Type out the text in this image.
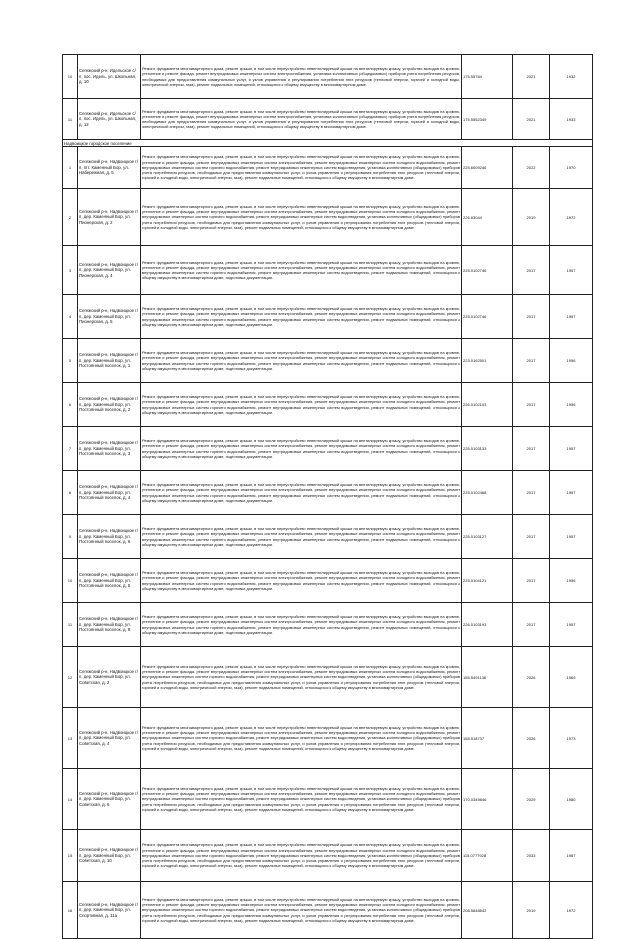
10	Сегежский р-н, Идельское с/п, пос. Идель, ул. Школьная, д. 10	Ремонт фундамента многоквартирного дома, ремонт крыши, в том числе переустройство невентилируемой крыши на вентилируемую крышу, устройство выходов на кровлю, утепление и ремонт фасада, ремонт внутридомовых инженерных систем электроснабжения, установка коллективных (общедомовых) приборов учета потребления ресурсов, необходимых для предоставления коммунальных услуг, и узлов управления и регулирования потребления этих ресурсов (тепловой энергии, горячей и холодной воды, электрической энергии, газа), ремонт подвальных помещений, относящихся к общему имуществу в многоквартирном доме.	175.55784	2021	1932
11	Сегежский р-н, Идельское с/п, пос. Идель, ул. Школьная, д. 12	Ремонт фундамента многоквартирного дома, ремонт крыши, в том числе переустройство невентилируемой крыши на вентилируемую крышу, устройство выходов на кровлю, утепление и ремонт фасада, ремонт внутридомовых инженерных систем электроснабжения, установка коллективных (общедомовых) приборов учета потребления ресурсов, необходимых для предоставления коммунальных услуг, и узлов управления и регулирования потребления этих ресурсов (тепловой энергии, горячей и холодной воды, электрической энергии, газа), ремонт подвальных помещений, относящихся к общему имуществу в многоквартирном доме.	175.5552349	2021	1933
Надвоицкое городское поселение					
1	Сегежский р-н, Надвоицкое г/п, пгт. Каменный Бор, ул. Набережная, д. 5	Ремонт фундамента многоквартирного дома, ремонт крыши, в том числе переустройство невентилируемой крыши на вентилируемую крышу, устройство выходов на кровлю, утепление и ремонт фасада, ремонт внутридомовых инженерных систем электроснабжения, ремонт внутридомовых инженерных систем холодного водоснабжения, ремонт внутридомовых инженерных систем горячего водоснабжения, ремонт внутридомовых инженерных систем водоотведения, установка коллективных (общедомовых) приборов учета потребления ресурсов, необходимых для предоставления коммунальных услуг, и узлов управления и регулирования потребления этих ресурсов (тепловой энергии, горячей и холодной воды, электрической энергии, газа), ремонт подвальных помещений, относящихся к общему имуществу в многоквартирном доме.	225.6009246	2022	1970
2	Сегежский р-н, Надвоицкое г/п, дер. Каменный Бор, ул. Пионерская, д. 2	Ремонт фундамента многоквартирного дома, ремонт крыши, в том числе переустройство невентилируемой крыши на вентилируемую крышу, устройство выходов на кровлю, утепление и ремонт фасада, ремонт внутридомовых инженерных систем электроснабжения, ремонт внутридомовых инженерных систем холодного водоснабжения, ремонт внутридомовых инженерных систем горячего водоснабжения, ремонт внутридомовых инженерных систем водоотведения, установка коллективных (общедомовых) приборов учета потребления ресурсов, необходимых для предоставления коммунальных услуг, и узлов управления и регулирования потребления этих ресурсов (тепловой энергии, горячей и холодной воды, электрической энергии, газа), ремонт подвальных помещений, относящихся к общему имуществу в многоквартирном доме.	226.63044	2019	1972
3	Сегежский р-н, Надвоицкое г/п, дер. Каменный Бор, ул. Пионерская, д. 4	Ремонт фундамента многоквартирного дома, ремонт крыши, в том числе переустройство невентилируемой крыши на вентилируемую крышу, устройство выходов на кровлю, утепление и ремонт фасада, ремонт внутридомовых инженерных систем электроснабжения, ремонт внутридомовых инженерных систем холодного водоснабжения, ремонт внутридомовых инженерных систем горячего водоснабжения, ремонт внутридомовых инженерных систем водоотведения, ремонт подвальных помещений, относящихся к общему имуществу в многоквартирном доме, подготовка документации.	225.0102746	2017	1957
4	Сегежский р-н, Надвоицкое г/п, дер. Каменный Бор, ул. Пионерская, д. 5	Ремонт фундамента многоквартирного дома, ремонт крыши, в том числе переустройство невентилируемой крыши на вентилируемую крышу, устройство выходов на кровлю, утепление и ремонт фасада, ремонт внутридомовых инженерных систем электроснабжения, ремонт внутридомовых инженерных систем холодного водоснабжения, ремонт внутридомовых инженерных систем горячего водоснабжения, ремонт внутридомовых инженерных систем водоотведения, ремонт подвальных помещений, относящихся к общему имуществу в многоквартирном доме, подготовка документации.	225.0102746	2017	1957
5	Сегежский р-н, Надвоицкое г/п, дер. Каменный Бор, ул. Постоянный поселок, д. 1	Ремонт фундамента многоквартирного дома, ремонт крыши, в том числе переустройство невентилируемой крыши на вентилируемую крышу, устройство выходов на кровлю, утепление и ремонт фасада, ремонт внутридомовых инженерных систем электроснабжения, ремонт внутридомовых инженерных систем холодного водоснабжения, ремонт внутридомовых инженерных систем горячего водоснабжения, ремонт внутридомовых инженерных систем водоотведения, ремонт подвальных помещений, относящихся к общему имуществу в многоквартирном доме, подготовка документации.	223.0162501	2017	1956
6	Сегежский р-н, Надвоицкое г/п, дер. Каменный Бор, ул. Постоянный поселок, д. 2	Ремонт фундамента многоквартирного дома, ремонт крыши, в том числе переустройство невентилируемой крыши на вентилируемую крышу, устройство выходов на кровлю, утепление и ремонт фасада, ремонт внутридомовых инженерных систем электроснабжения, ремонт внутридомовых инженерных систем холодного водоснабжения, ремонт внутридомовых инженерных систем горячего водоснабжения, ремонт внутридомовых инженерных систем водоотведения, ремонт подвальных помещений, относящихся к общему имуществу в многоквартирном доме, подготовка документации.	226.0102103	2017	1956
7	Сегежский р-н, Надвоицкое г/п, дер. Каменный Бор, ул. Постоянный поселок, д. 3	Ремонт фундамента многоквартирного дома, ремонт крыши, в том числе переустройство невентилируемой крыши на вентилируемую крышу, устройство выходов на кровлю, утепление и ремонт фасада, ремонт внутридомовых инженерных систем электроснабжения, ремонт внутридомовых инженерных систем холодного водоснабжения, ремонт внутридомовых инженерных систем горячего водоснабжения, ремонт внутридомовых инженерных систем водоотведения, ремонт подвальных помещений, относящихся к общему имуществу в многоквартирном доме, подготовка документации.	225.0103133	2017	1957
8	Сегежский р-н, Надвоицкое г/п, дер. Каменный Бор, ул. Постоянный поселок, д. 4	Ремонт фундамента многоквартирного дома, ремонт крыши, в том числе переустройство невентилируемой крыши на вентилируемую крышу, устройство выходов на кровлю, утепление и ремонт фасада, ремонт внутридомовых инженерных систем электроснабжения, ремонт внутридомовых инженерных систем холодного водоснабжения, ремонт внутридомовых инженерных систем горячего водоснабжения, ремонт внутридомовых инженерных систем водоотведения, ремонт подвальных помещений, относящихся к общему имуществу в многоквартирном доме, подготовка документации.	225.0102468	2017	1957
9	Сегежский р-н, Надвоицкое г/п, дер. Каменный Бор, ул. Постоянный поселок, д. 6	Ремонт фундамента многоквартирного дома, ремонт крыши, в том числе переустройство невентилируемой крыши на вентилируемую крышу, устройство выходов на кровлю, утепление и ремонт фасада, ремонт внутридомовых инженерных систем электроснабжения, ремонт внутридомовых инженерных систем холодного водоснабжения, ремонт внутридомовых инженерных систем горячего водоснабжения, ремонт внутридомовых инженерных систем водоотведения, ремонт подвальных помещений, относящихся к общему имуществу в многоквартирном доме, подготовка документации.	225.0103127	2017	1957
10	Сегежский р-н, Надвоицкое г/п, дер. Каменный Бор, ул. Постоянный поселок, д. 5	Ремонт фундамента многоквартирного дома, ремонт крыши, в том числе переустройство невентилируемой крыши на вентилируемую крышу, устройство выходов на кровлю, утепление и ремонт фасада, ремонт внутридомовых инженерных систем электроснабжения, ремонт внутридомовых инженерных систем холодного водоснабжения, ремонт внутридомовых инженерных систем горячего водоснабжения, ремонт внутридомовых инженерных систем водоотведения, ремонт подвальных помещений, относящихся к общему имуществу в многоквартирном доме, подготовка документации.	225.0104121	2017	1956
11	Сегежский р-н, Надвоицкое г/п, дер. Каменный Бор, ул. Постоянный поселок, д. 8	Ремонт фундамента многоквартирного дома, ремонт крыши, в том числе переустройство невентилируемой крыши на вентилируемую крышу, устройство выходов на кровлю, утепление и ремонт фасада, ремонт внутридомовых инженерных систем электроснабжения, ремонт внутридомовых инженерных систем холодного водоснабжения, ремонт внутридомовых инженерных систем горячего водоснабжения, ремонт внутридомовых инженерных систем водоотведения, ремонт подвальных помещений, относящихся к общему имуществу в многоквартирном доме, подготовка документации.	226.0103193	2017	1957
12	Сегежский р-н, Надвоицкое г/п, дер. Каменный Бор, ул. Советская, д. 2	Ремонт фундамента многоквартирного дома, ремонт крыши, в том числе переустройство невентилируемой крыши на вентилируемую крышу, устройство выходов на кровлю, утепление и ремонт фасада, ремонт внутридомовых инженерных систем электроснабжения, ремонт внутридомовых инженерных систем холодного водоснабжения, ремонт внутридомовых инженерных систем горячего водоснабжения, ремонт внутридомовых инженерных систем водоотведения, установка коллективных (общедомовых) приборов учета потребления ресурсов, необходимых для предоставления коммунальных услуг, и узлов управления и регулирования потребления этих ресурсов (тепловой энергии, горячей и холодной воды, электрической энергии, газа), ремонт подвальных помещений, относящихся к общему имуществу в многоквартирном доме.	155.5491136	2026	1969
13	Сегежский р-н, Надвоицкое г/п, дер. Каменный Бор, ул. Советская, д. 4	Ремонт фундамента многоквартирного дома, ремонт крыши, в том числе переустройство невентилируемой крыши на вентилируемую крышу, устройство выходов на кровлю, утепление и ремонт фасада, ремонт внутридомовых инженерных систем электроснабжения, ремонт внутридомовых инженерных систем холодного водоснабжения, ремонт внутридомовых инженерных систем горячего водоснабжения, ремонт внутридомовых инженерных систем водоотведения, установка коллективных (общедомовых) приборов учета потребления ресурсов, необходимых для предоставления коммунальных услуг, и узлов управления и регулирования потребления этих ресурсов (тепловой энергии, горячей и холодной воды, электрической энергии, газа), ремонт подвальных помещений, относящихся к общему имуществу в многоквартирном доме.	158.518737	2026	1973
14	Сегежский р-н, Надвоицкое г/п, дер. Каменный Бор, ул. Советская, д. 6	Ремонт фундамента многоквартирного дома, ремонт крыши, в том числе переустройство невентилируемой крыши на вентилируемую крышу, устройство выходов на кровлю, утепление и ремонт фасада, ремонт внутридомовых инженерных систем электроснабжения, ремонт внутридомовых инженерных систем холодного водоснабжения, ремонт внутридомовых инженерных систем горячего водоснабжения, ремонт внутридомовых инженерных систем водоотведения, установка коллективных (общедомовых) приборов учета потребления ресурсов, необходимых для предоставления коммунальных услуг, и узлов управления и регулирования потребления этих ресурсов (тепловой энергии, горячей и холодной воды, электрической энергии, газа), ремонт подвальных помещений, относящихся к общему имуществу в многоквартирном доме.	170.0349846	2029	1980
15	Сегежский р-н, Надвоицкое г/п, дер. Каменный Бор, ул. Советская, д. 10	Ремонт фундамента многоквартирного дома, ремонт крыши, в том числе переустройство невентилируемой крыши на вентилируемую крышу, устройство выходов на кровлю, утепление и ремонт фасада, ремонт внутридомовых инженерных систем электроснабжения, ремонт внутридомовых инженерных систем холодного водоснабжения, ремонт внутридомовых инженерных систем горячего водоснабжения, ремонт внутридомовых инженерных систем водоотведения, установка коллективных (общедомовых) приборов учета потребления ресурсов, необходимых для предоставления коммунальных услуг, и узлов управления и регулирования потребления этих ресурсов (тепловой энергии, горячей и холодной воды, электрической энергии, газа), ремонт подвальных помещений, относящихся к общему имуществу в многоквартирном доме.	115.0777928	2033	1987
16	Сегежский р-н, Надвоицкое г/п, дер. Каменный Бор, ул. Спортивная, д. 11а	Ремонт фундамента многоквартирного дома, ремонт крыши, в том числе переустройство невентилируемой крыши на вентилируемую крышу, устройство выходов на кровлю, утепление и ремонт фасада, ремонт внутридомовых инженерных систем электроснабжения, ремонт внутридомовых инженерных систем холодного водоснабжения, ремонт внутридомовых инженерных систем горячего водоснабжения, ремонт внутридомовых инженерных систем водоотведения, установка коллективных (общедомовых) приборов учета потребления ресурсов, необходимых для предоставления коммунальных услуг, и узлов управления и регулирования потребления этих ресурсов (тепловой энергии, горячей и холодной воды, электрической энергии, газа), ремонт подвальных помещений, относящихся к общему имуществу в многоквартирном доме.	208.5848642	2019	1972
